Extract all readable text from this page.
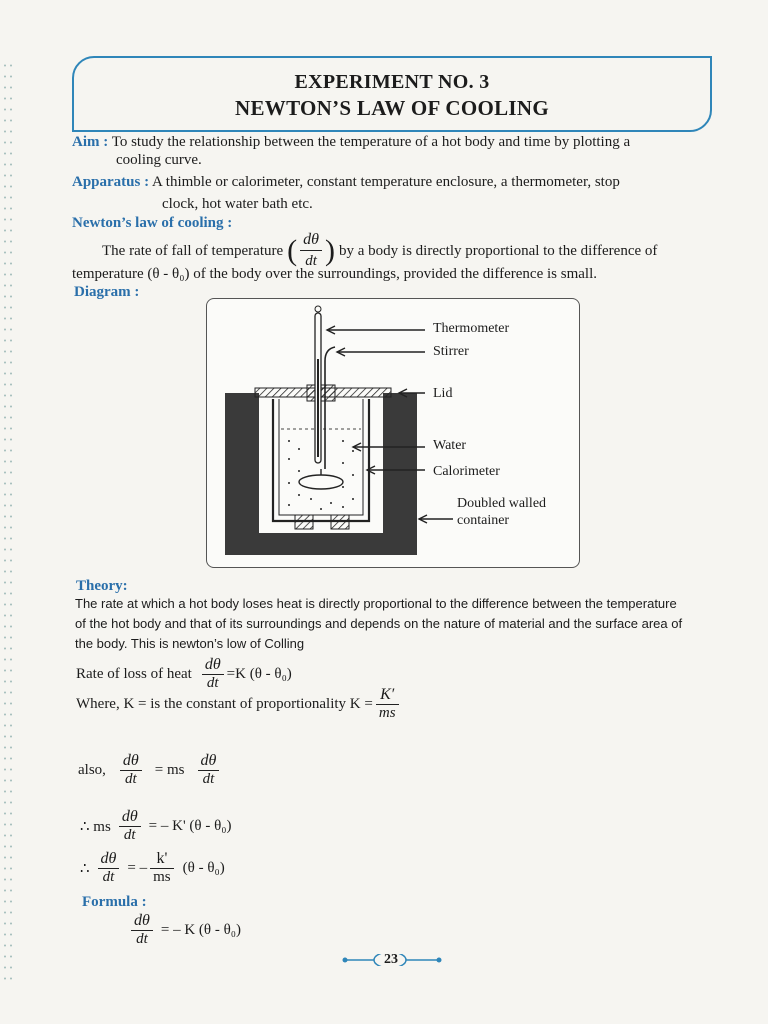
EXPERIMENT NO. 3
NEWTON’S LAW OF COOLING
Aim : To study the relationship between the temperature of a hot body and time by plotting a
cooling curve.
Apparatus : A thimble or calorimeter, constant temperature enclosure, a thermometer, stop
clock, hot water bath etc.
Newton’s law of cooling :
The rate of fall of temperature ( $\frac{d\theta}{dt}$ ) by a body is directly proportional to the difference of
temperature (θ - θ₀) of the body over the surroundings, provided the difference is small.
Diagram :
Thermometer
Stirrer
Lid
Water
Calorimeter
Doubled walled
container
Theory:
The rate at which a hot body loses heat is directly proportional to the difference between the temperature
of the hot body and that of its surroundings and depends on the nature of material and the surface area of
the body. This is newton’s low of Colling
Rate of loss of heat $\frac{d\theta}{dt} =K$ (θ - θ₀)
Where, K = is the constant of proportionality $K = \frac{K'}{ms}$
also, $\frac{d\theta}{dt}$ = ms $\frac{d\theta}{dt}$
∴ ms $\frac{d\theta}{dt}$ = – K' (θ - θ₀)
∴ $\frac{d\theta}{dt}$ = – $\frac{k'}{ms} (\theta - \theta_0)$
Formula :
$\frac{d\theta}{dt}$ = – K (θ - θ₀)
23
